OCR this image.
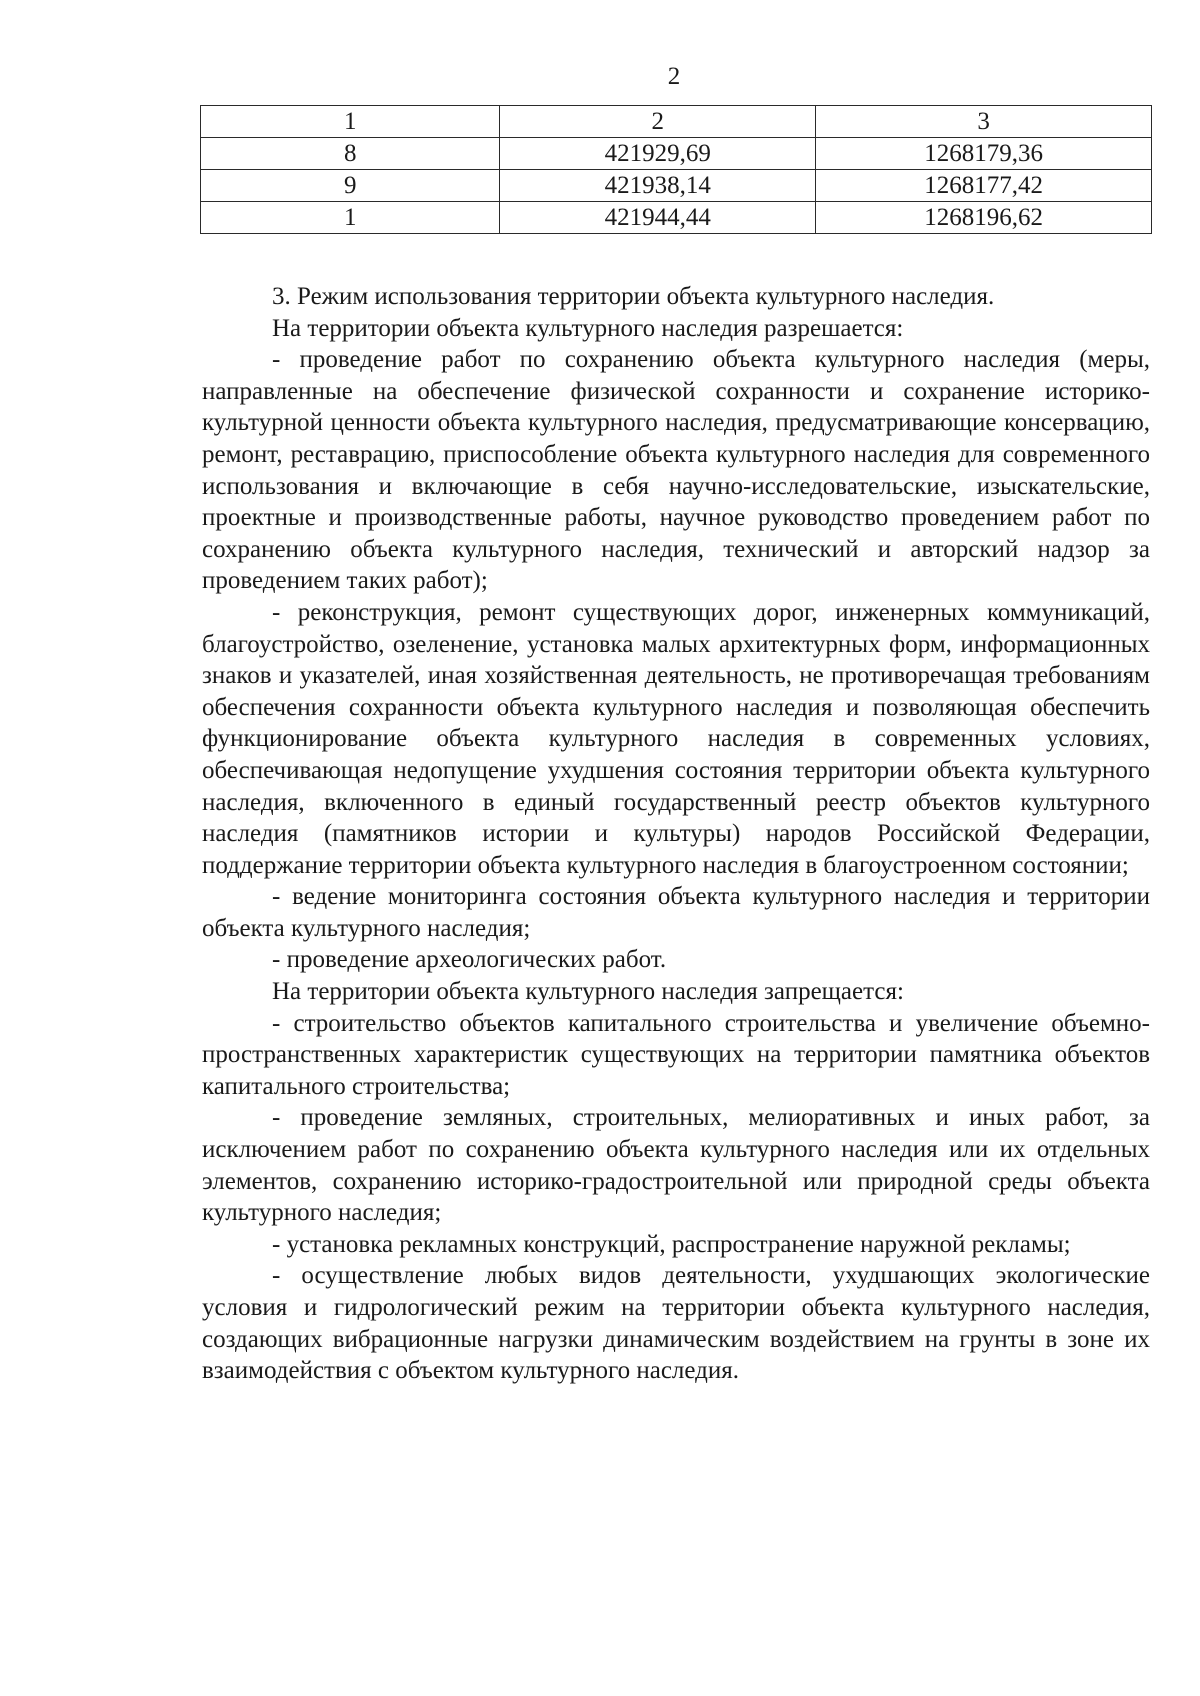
2
1	2	3
8	421929,69	1268179,36
9	421938,14	1268177,42
1	421944,44	1268196,62

3. Режим использования территории объекта культурного наследия.

На территории объекта культурного наследия разрешается:

- проведение работ по сохранению объекта культурного наследия (меры, направленные на обеспечение физической сохранности и сохранение историко-культурной ценности объекта культурного наследия, предусматривающие консервацию, ремонт, реставрацию, приспособление объекта культурного наследия для современного использования и включающие в себя научно-исследовательские, изыскательские, проектные и производственные работы, научное руководство проведением работ по сохранению объекта культурного наследия, технический и авторский надзор за проведением таких работ);

- реконструкция, ремонт существующих дорог, инженерных коммуникаций, благоустройство, озеленение, установка малых архитектурных форм, информационных знаков и указателей, иная хозяйственная деятельность, не противоречащая требованиям обеспечения сохранности объекта культурного наследия и позволяющая обеспечить функционирование объекта культурного наследия в современных условиях, обеспечивающая недопущение ухудшения состояния территории объекта культурного наследия, включенного в единый государственный реестр объектов культурного наследия (памятников истории и культуры) народов Российской Федерации, поддержание территории объекта культурного наследия в благоустроенном состоянии;

- ведение мониторинга состояния объекта культурного наследия и территории объекта культурного наследия;

- проведение археологических работ.

На территории объекта культурного наследия запрещается:

- строительство объектов капитального строительства и увеличение объемно-пространственных характеристик существующих на территории памятника объектов капитального строительства;

- проведение земляных, строительных, мелиоративных и иных работ, за исключением работ по сохранению объекта культурного наследия или их отдельных элементов, сохранению историко-градостроительной или природной среды объекта культурного наследия;

- установка рекламных конструкций, распространение наружной рекламы;

- осуществление любых видов деятельности, ухудшающих экологические условия и гидрологический режим на территории объекта культурного наследия, создающих вибрационные нагрузки динамическим воздействием на грунты в зоне их взаимодействия с объектом культурного наследия.
